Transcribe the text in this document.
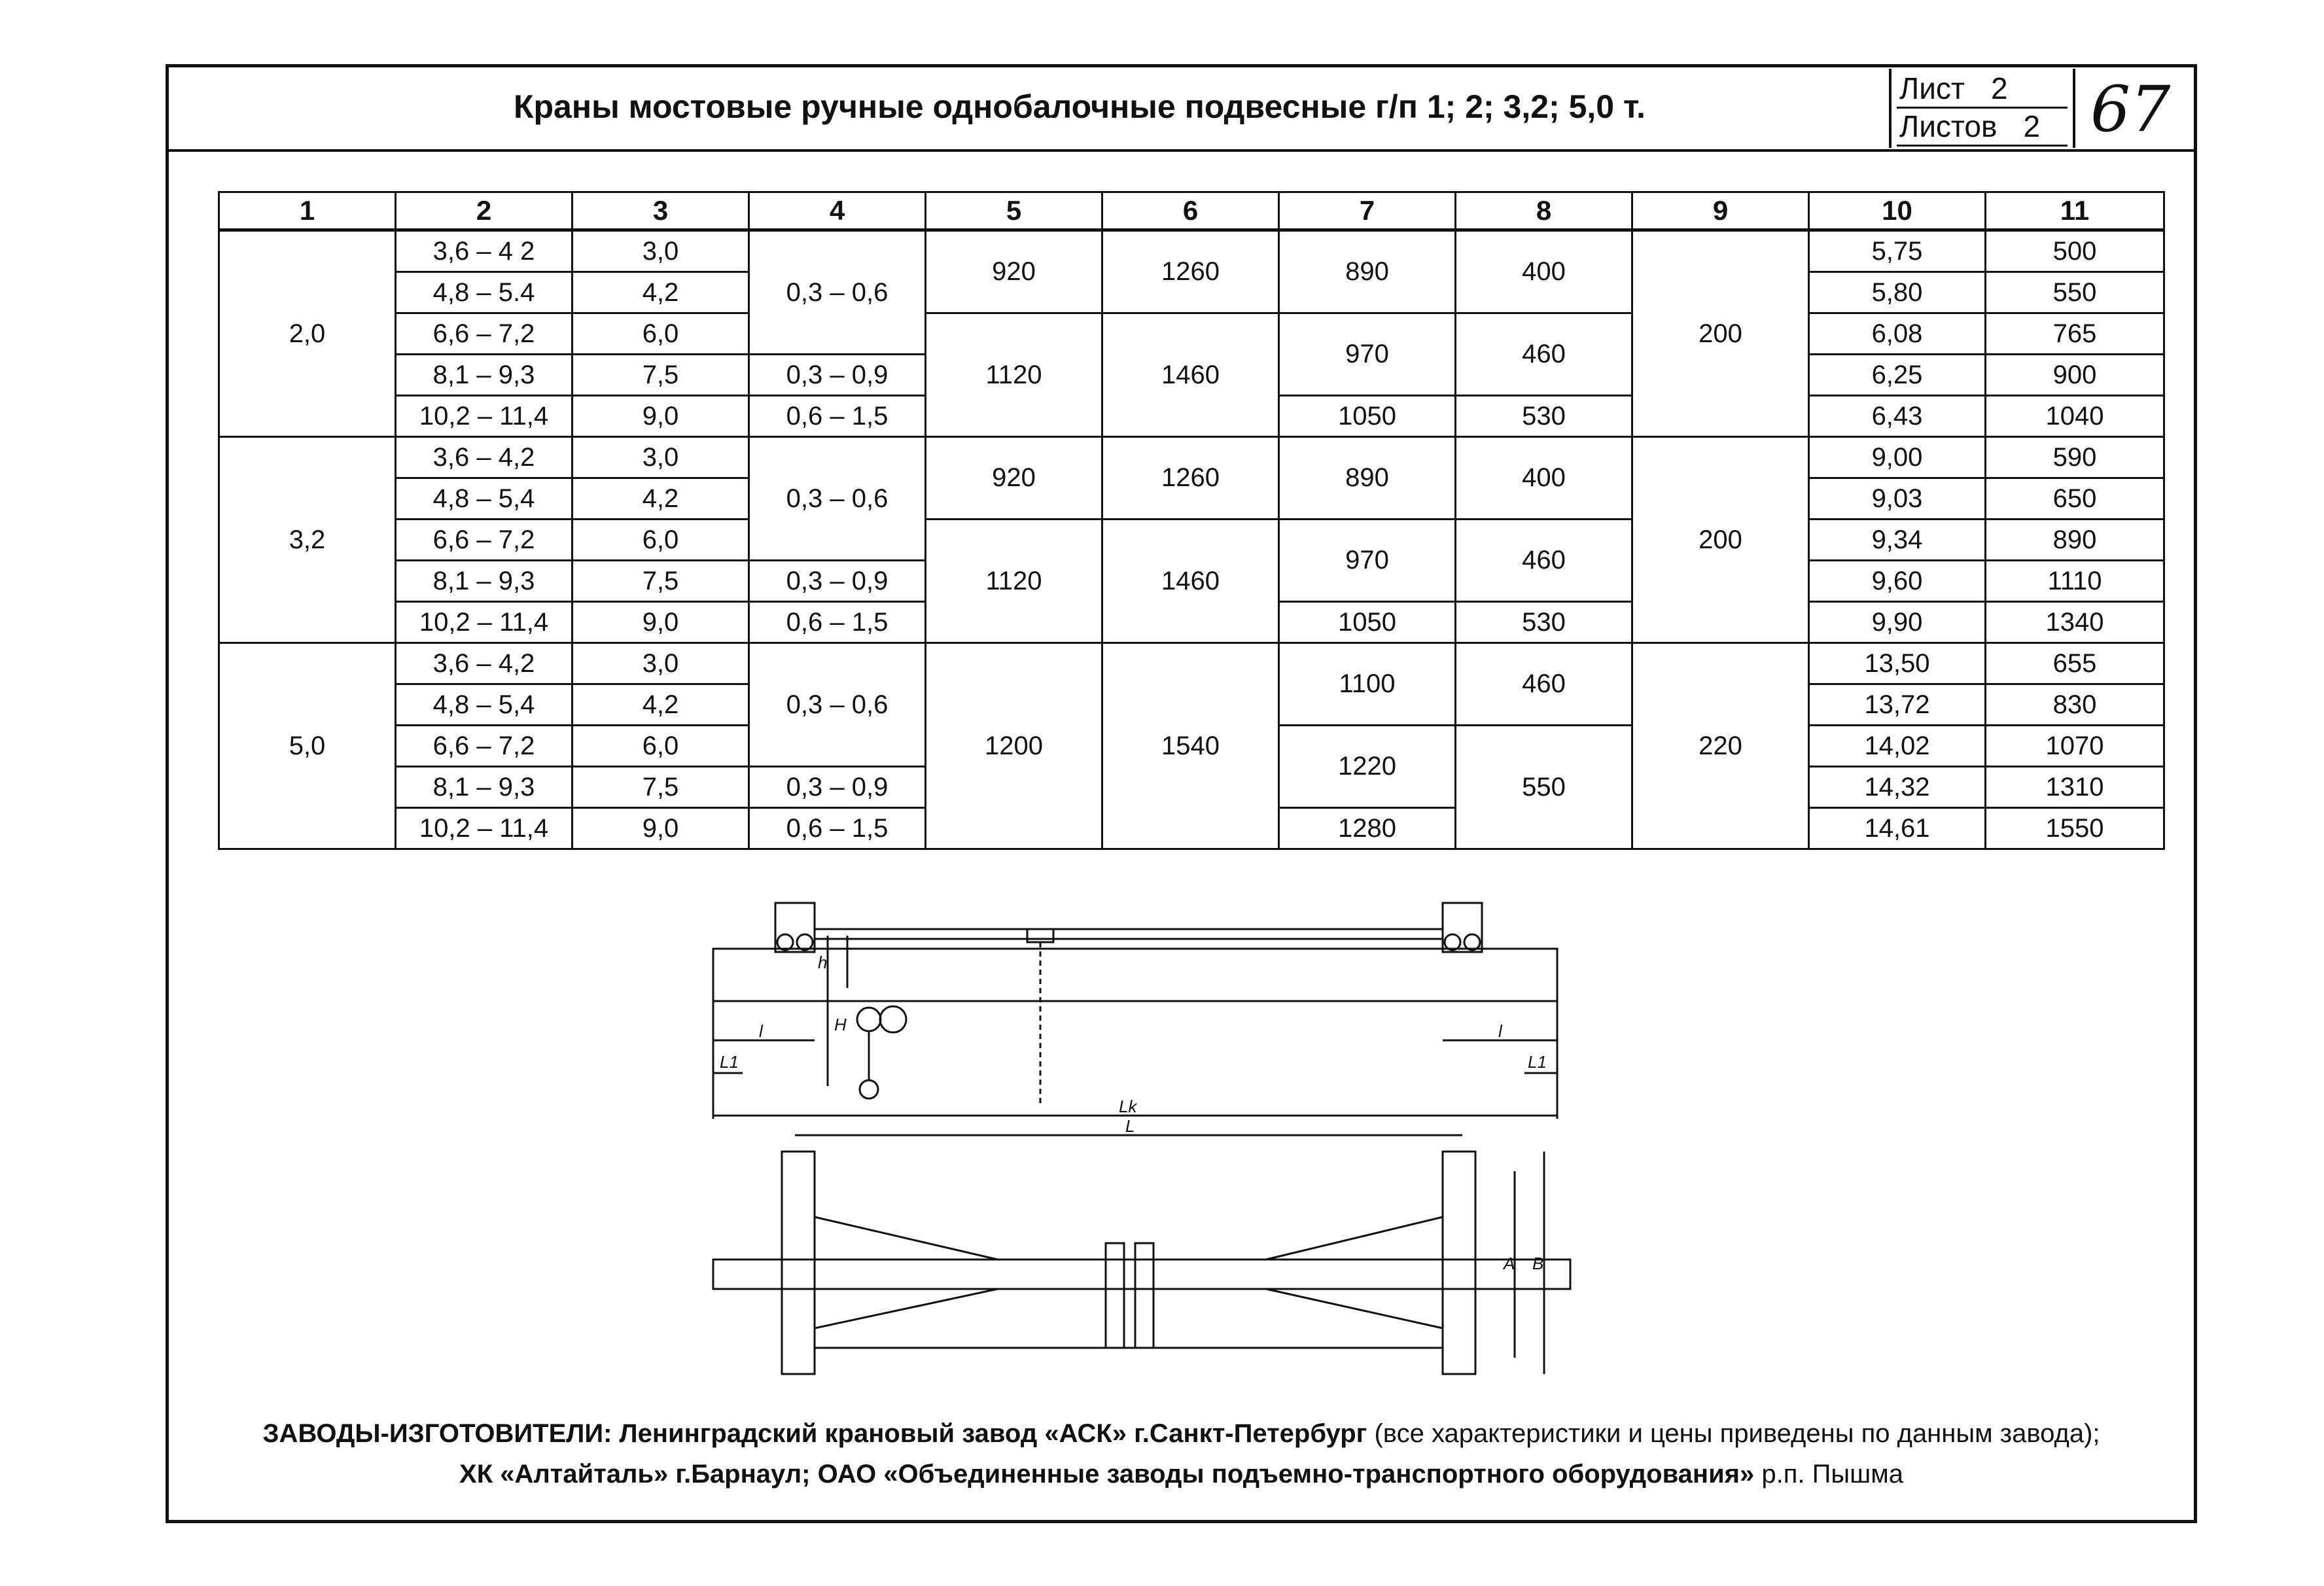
Краны мостовые ручные однобалочные подвесные г/п 1; 2; 3,2; 5,0 т.	Лист 2
Листов 2 67
1	2	3	4	5	6	7	8	9	10	11
2,0	3,6 – 4 2	3,0	0,3 – 0,6	920	1260	890	400	200	5,75	500
	4,8 – 5.4	4,2							5,80	550
	6,6 – 7,2	6,0		1120	1460	970	460		6,08	765
	8,1 – 9,3	7,5	0,3 – 0,9						6,25	900
	10,2 – 11,4	9,0	0,6 – 1,5			1050	530		6,43	1040
3,2	3,6 – 4,2	3,0	0,3 – 0,6	920	1260	890	400	200	9,00	590
	4,8 – 5,4	4,2							9,03	650
	6,6 – 7,2	6,0		1120	1460	970	460		9,34	890
	8,1 – 9,3	7,5	0,3 – 0,9						9,60	1110
	10,2 – 11,4	9,0	0,6 – 1,5			1050	530		9,90	1340
5,0	3,6 – 4,2	3,0	0,3 – 0,6	1200	1540	1100	460	220	13,50	655
	4,8 – 5,4	4,2							13,72	830
	6,6 – 7,2	6,0				1220	550		14,02	1070
	8,1 – 9,3	7,5	0,3 – 0,9						14,32	1310
	10,2 – 11,4	9,0	0,6 – 1,5			1280			14,61	1550
h
H
l	l
L1	L1
Lk
L
A B
ЗАВОДЫ-ИЗГОТОВИТЕЛИ: Ленинградский крановый завод «АСК» г.Санкт-Петербург (все характеристики и цены приведены по данным завода);
ХК «Алтайталь» г.Барнаул; ОАО «Объединенные заводы подъемно-транспортного оборудования» р.п. Пышма
